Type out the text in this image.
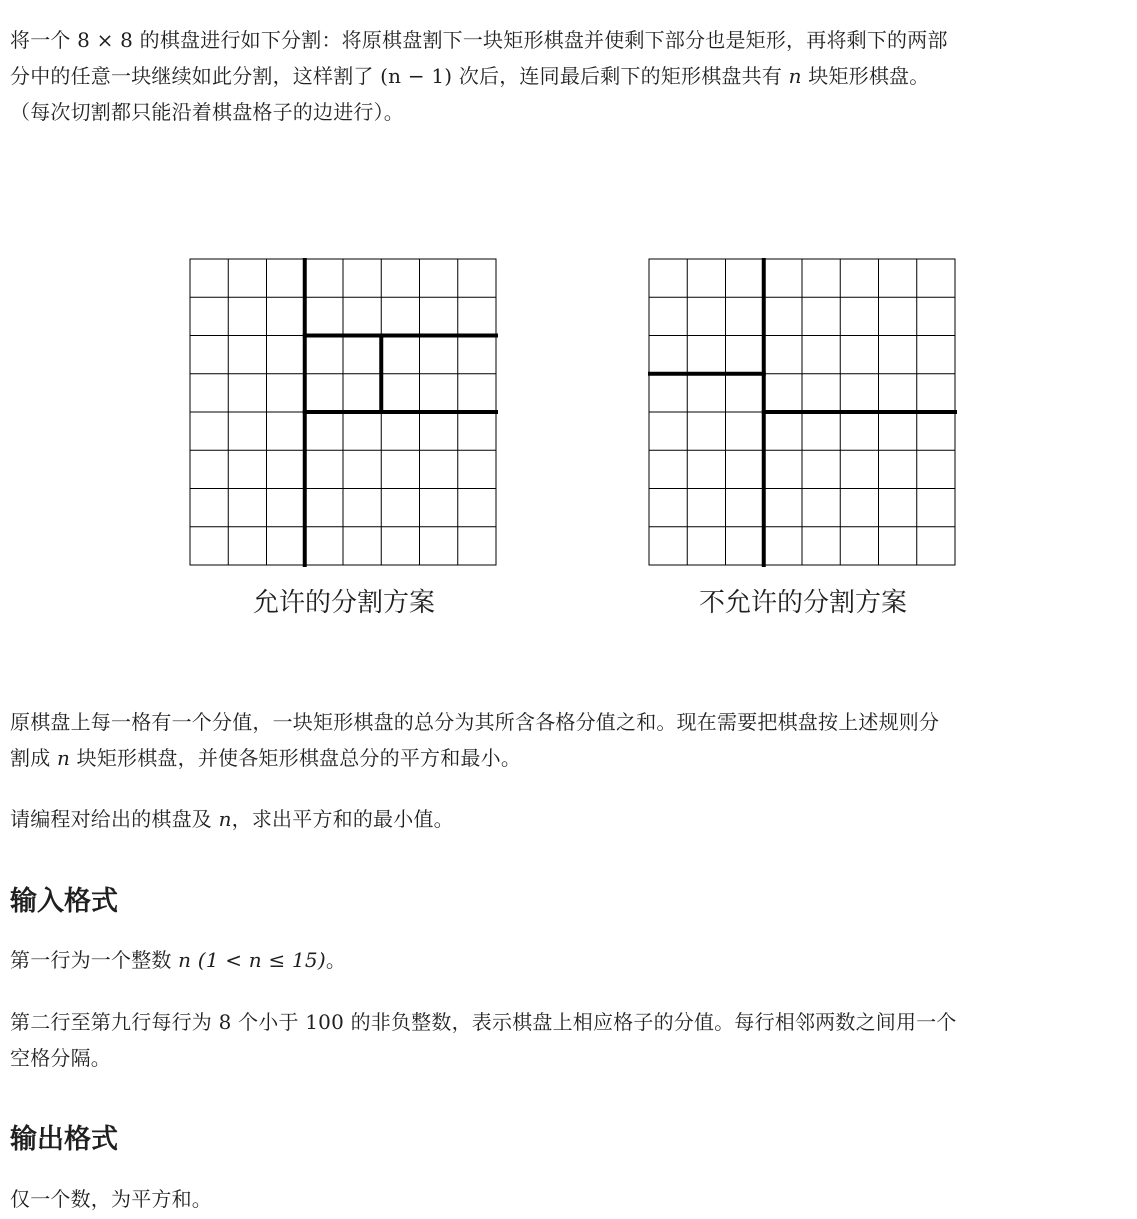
将一个 8 × 8 的棋盘进行如下分割：将原棋盘割下一块矩形棋盘并使剩下部分也是矩形，再将剩下的两部
分中的任意一块继续如此分割，这样割了 (n − 1) 次后，连同最后剩下的矩形棋盘共有 n 块矩形棋盘。
（每次切割都只能沿着棋盘格子的边进行）。
允许的分割方案	不允许的分割方案
原棋盘上每一格有一个分值，一块矩形棋盘的总分为其所含各格分值之和。现在需要把棋盘按上述规则分
割成 n 块矩形棋盘，并使各矩形棋盘总分的平方和最小。
请编程对给出的棋盘及 n，求出平方和的最小值。
输入格式
第一行为一个整数 n (1 < n ≤ 15)。
第二行至第九行每行为 8 个小于 100 的非负整数，表示棋盘上相应格子的分值。每行相邻两数之间用一个
空格分隔。
输出格式
仅一个数，为平方和。
